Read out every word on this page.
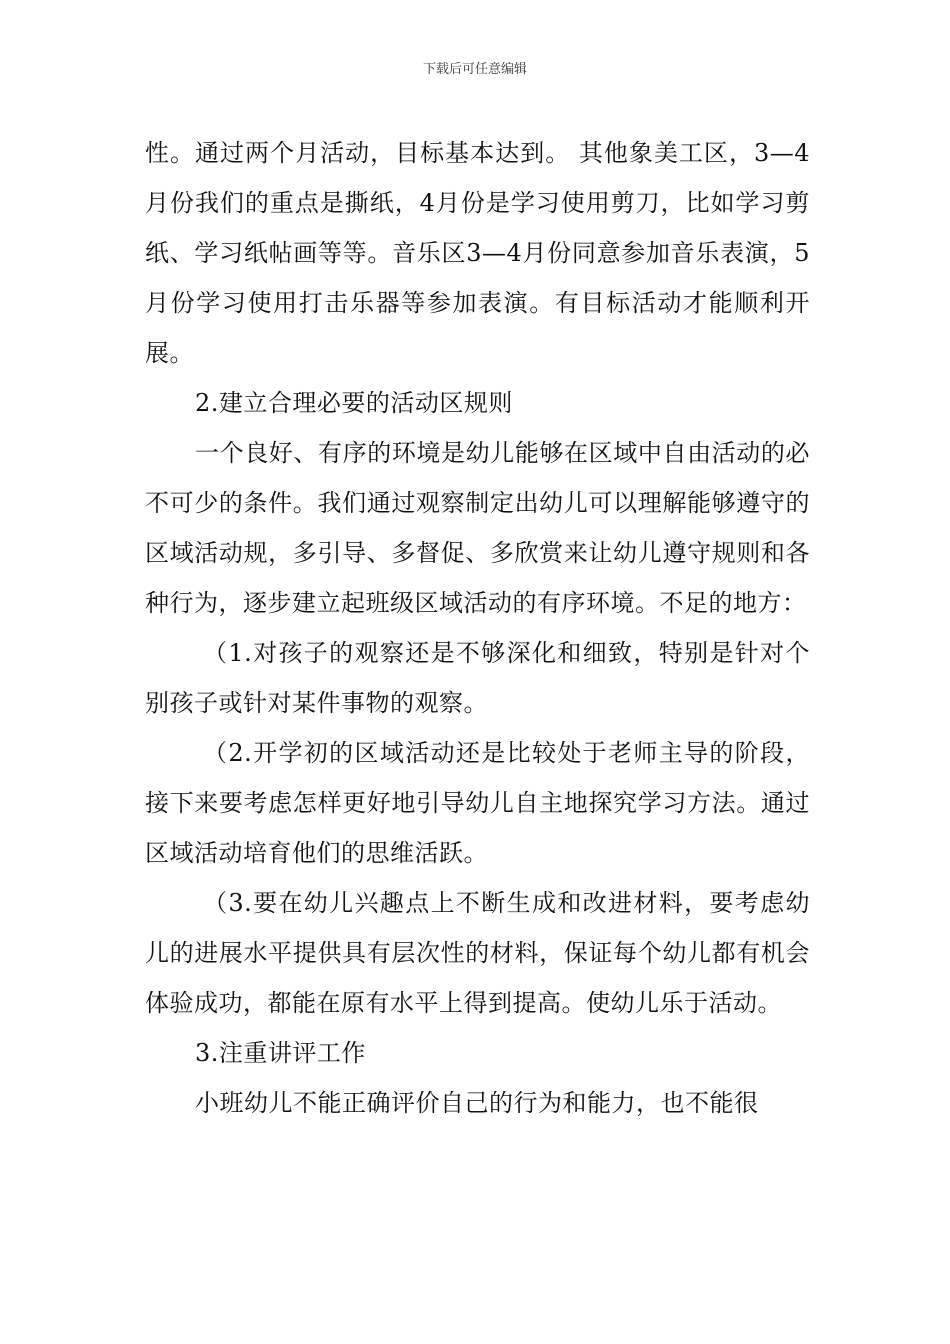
下载后可任意编辑

性。通过两个月活动，目标基本达到。 其他象美工区，3—4月份我们的重点是撕纸，4月份是学习使用剪刀，比如学习剪纸、学习纸帖画等等。音乐区3—4月份同意参加音乐表演，5月份学习使用打击乐器等参加表演。有目标活动才能顺利开展。

2.建立合理必要的活动区规则

一个良好、有序的环境是幼儿能够在区域中自由活动的必不可少的条件。我们通过观察制定出幼儿可以理解能够遵守的区域活动规，多引导、多督促、多欣赏来让幼儿遵守规则和各种行为，逐步建立起班级区域活动的有序环境。不足的地方：

（1.对孩子的观察还是不够深化和细致，特别是针对个别孩子或针对某件事物的观察。

（2.开学初的区域活动还是比较处于老师主导的阶段，接下来要考虑怎样更好地引导幼儿自主地探究学习方法。通过区域活动培育他们的思维活跃。

（3.要在幼儿兴趣点上不断生成和改进材料，要考虑幼儿的进展水平提供具有层次性的材料，保证每个幼儿都有机会体验成功，都能在原有水平上得到提高。使幼儿乐于活动。

3.注重讲评工作

小班幼儿不能正确评价自己的行为和能力，也不能很
